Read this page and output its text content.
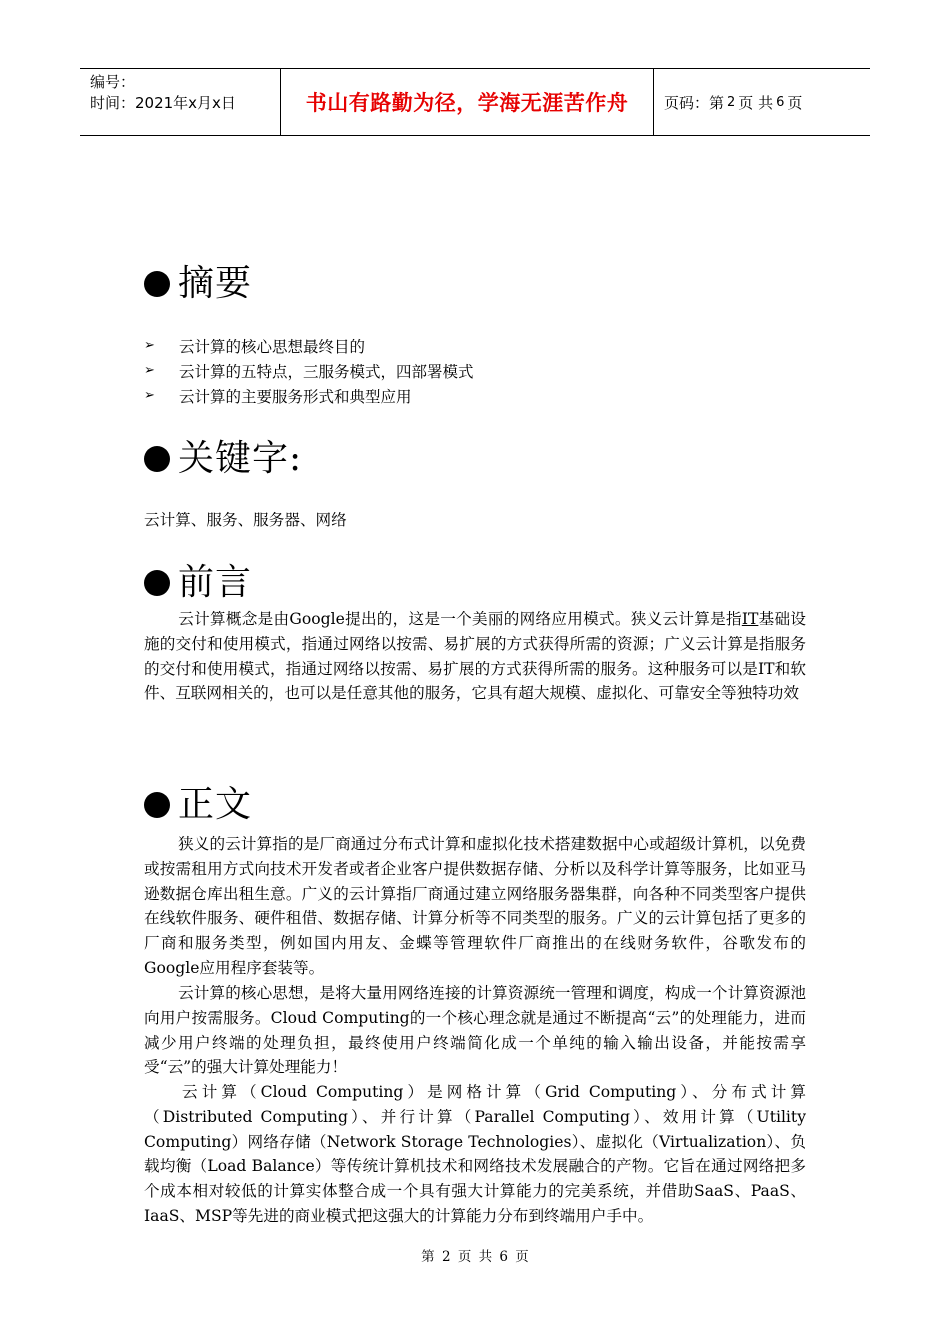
编号：
时间：2021年x月x日	书山有路勤为径，学海无涯苦作舟	页码：第 2 页 共 6 页
摘要
➢	云计算的核心思想最终目的
➢	云计算的五特点，三服务模式，四部署模式
➢	云计算的主要服务形式和典型应用
关键字:

云计算、服务、服务器、网络

前言

云计算概念是由Google提出的，这是一个美丽的网络应用模式。狭义云计算是指IT基础设施的交付和使用模式，指通过网络以按需、易扩展的方式获得所需的资源；广义云计算是指服务的交付和使用模式，指通过网络以按需、易扩展的方式获得所需的服务。这种服务可以是IT和软件、互联网相关的，也可以是任意其他的服务，它具有超大规模、虚拟化、可靠安全等独特功效

正文

狭义的云计算指的是厂商通过分布式计算和虚拟化技术搭建数据中心或超级计算机，以免费或按需租用方式向技术开发者或者企业客户提供数据存储、分析以及科学计算等服务，比如亚马逊数据仓库出租生意。广义的云计算指厂商通过建立网络服务器集群，向各种不同类型客户提供在线软件服务、硬件租借、数据存储、计算分析等不同类型的服务。广义的云计算包括了更多的厂商和服务类型，例如国内用友、金蝶等管理软件厂商推出的在线财务软件，谷歌发布的Google应用程序套装等。

云计算的核心思想，是将大量用网络连接的计算资源统一管理和调度，构成一个计算资源池向用户按需服务。Cloud Computing的一个核心理念就是通过不断提高“云”的处理能力，进而减少用户终端的处理负担，最终使用户终端简化成一个单纯的输入输出设备，并能按需享受“云”的强大计算处理能力！

云计算（Cloud Computing）是网格计算（Grid Computing）、分布式计算（Distributed Computing）、并行计算（Parallel Computing）、效用计算（Utility Computing）网络存储（Network Storage Technologies）、虚拟化（Virtualization）、负载均衡（Load Balance）等传统计算机技术和网络技术发展融合的产物。它旨在通过网络把多个成本相对较低的计算实体整合成一个具有强大计算能力的完美系统，并借助SaaS、PaaS、IaaS、MSP等先进的商业模式把这强大的计算能力分布到终端用户手中。

第 2 页 共 6 页
